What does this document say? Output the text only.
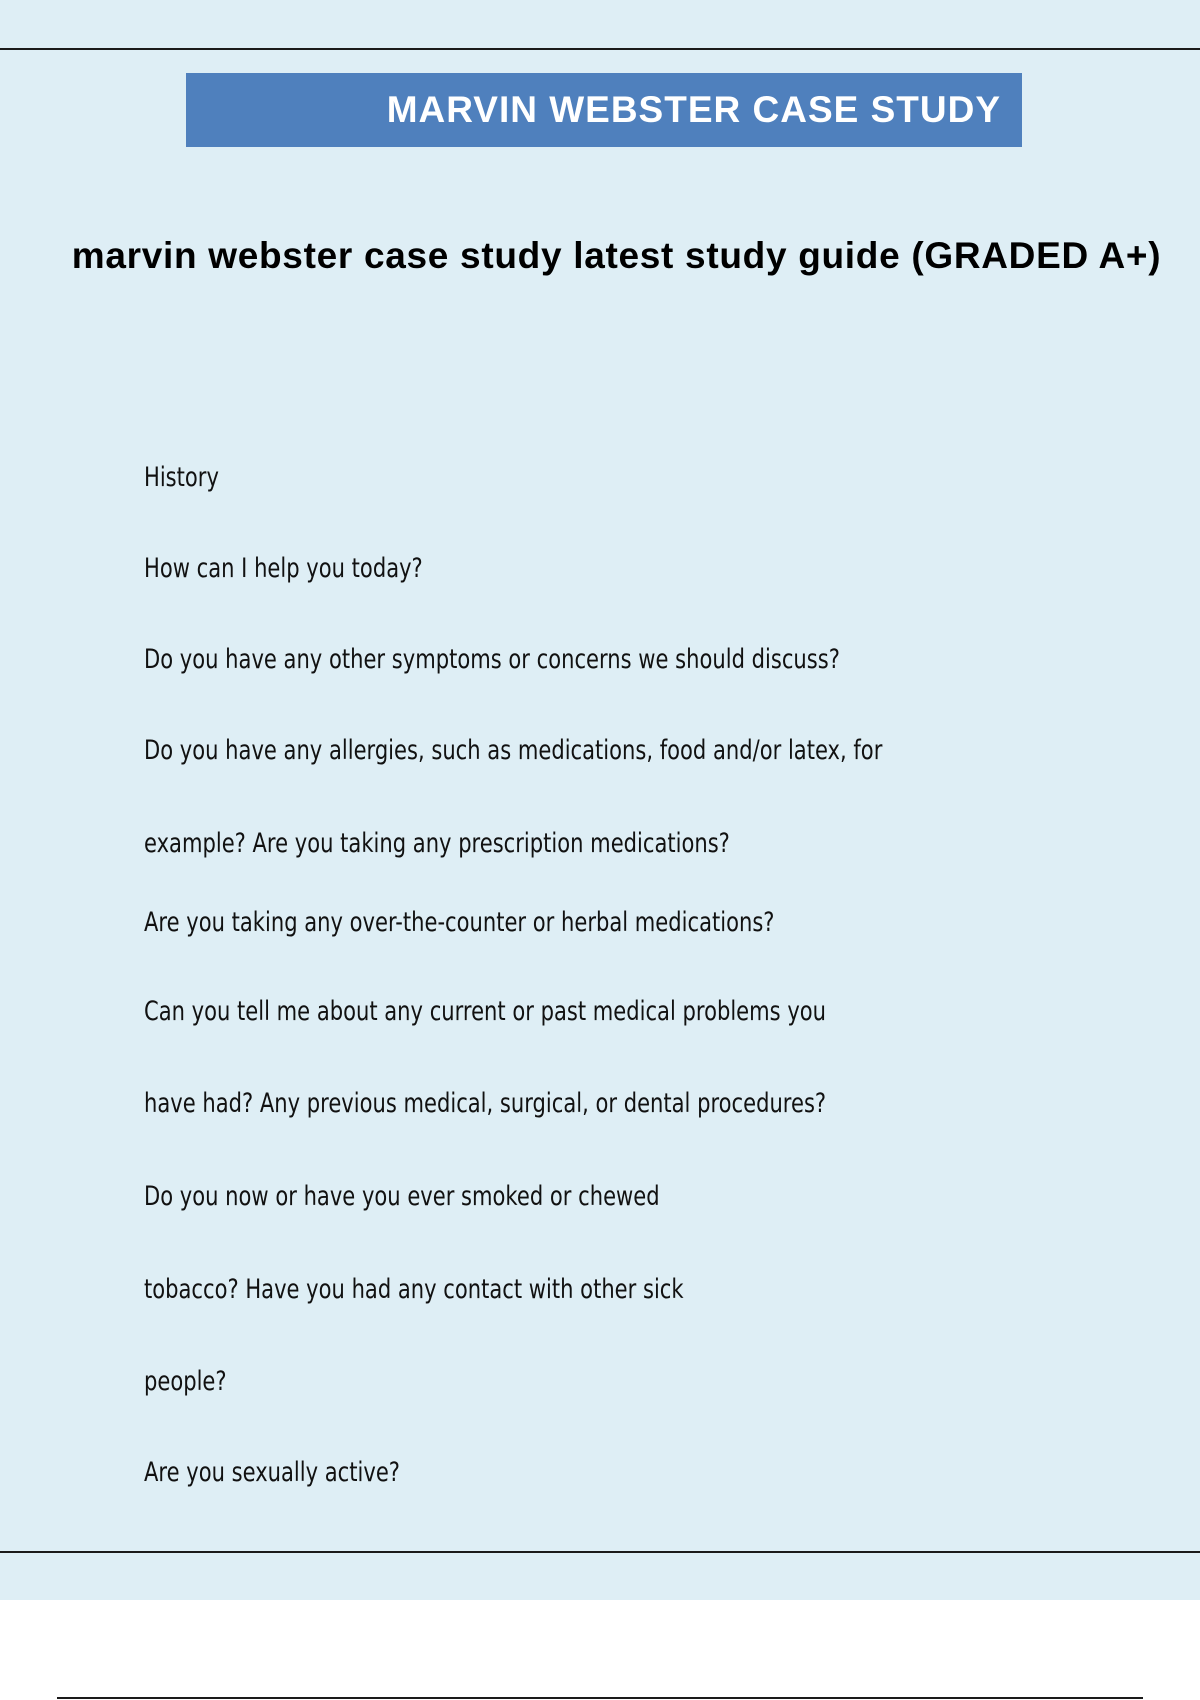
MARVIN WEBSTER CASE STUDY
marvin webster case study latest study guide (GRADED A+)

History

How can I help you today?

Do you have any other symptoms or concerns we should discuss?

Do you have any allergies, such as medications, food and/or latex, for

example? Are you taking any prescription medications?

Are you taking any over-the-counter or herbal medications?

Can you tell me about any current or past medical problems you

have had? Any previous medical, surgical, or dental procedures?

Do you now or have you ever smoked or chewed

tobacco? Have you had any contact with other sick

people?

Are you sexually active?
